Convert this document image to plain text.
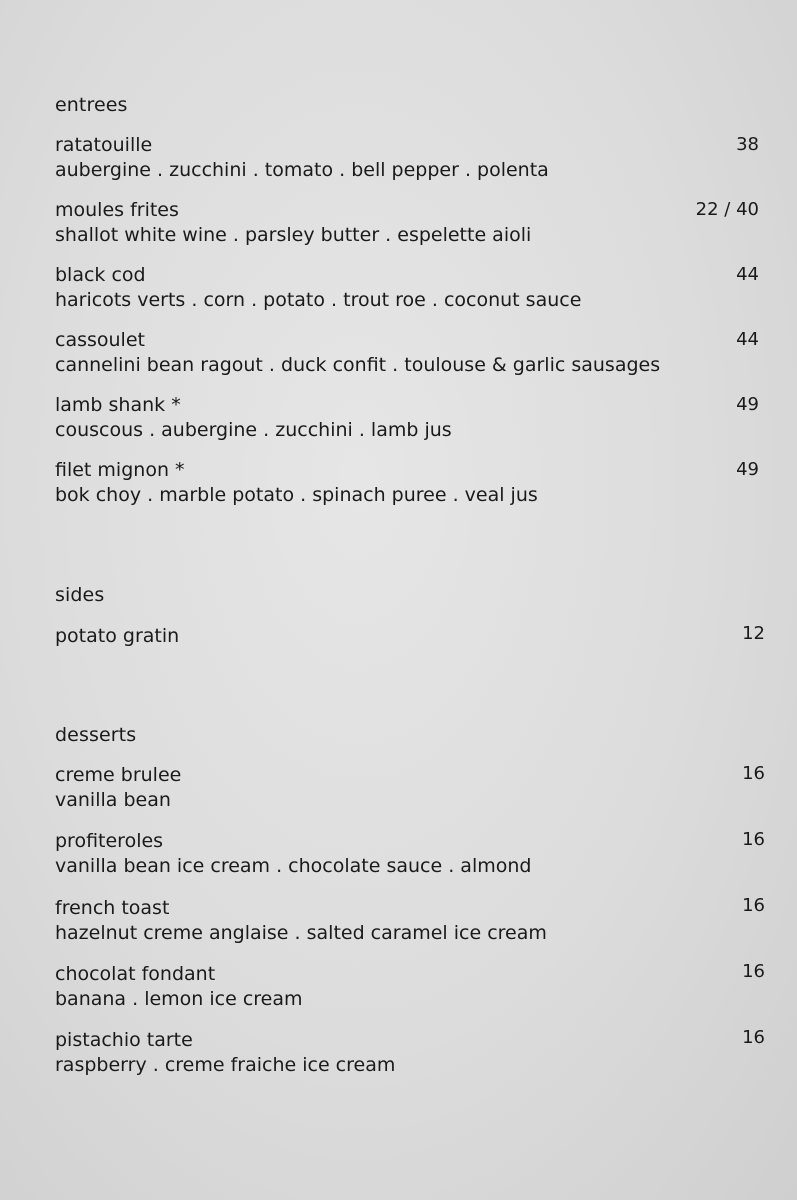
entrees
ratatouille
aubergine . zucchini . tomato . bell pepper . polenta
38
moules frites
shallot white wine . parsley butter . espelette aioli
22 / 40
black cod
haricots verts . corn . potato . trout roe . coconut sauce
44
cassoulet
cannelini bean ragout . duck confit . toulouse & garlic sausages
44
lamb shank *
couscous . aubergine . zucchini . lamb jus
49
filet mignon *
bok choy . marble potato . spinach puree . veal jus
49
sides
potato gratin	12
desserts
creme brulee
vanilla bean
16
profiteroles
vanilla bean ice cream . chocolate sauce . almond
16
french toast
hazelnut creme anglaise . salted caramel ice cream
16
chocolat fondant
banana . lemon ice cream
16
pistachio tarte
raspberry . creme fraiche ice cream
16
